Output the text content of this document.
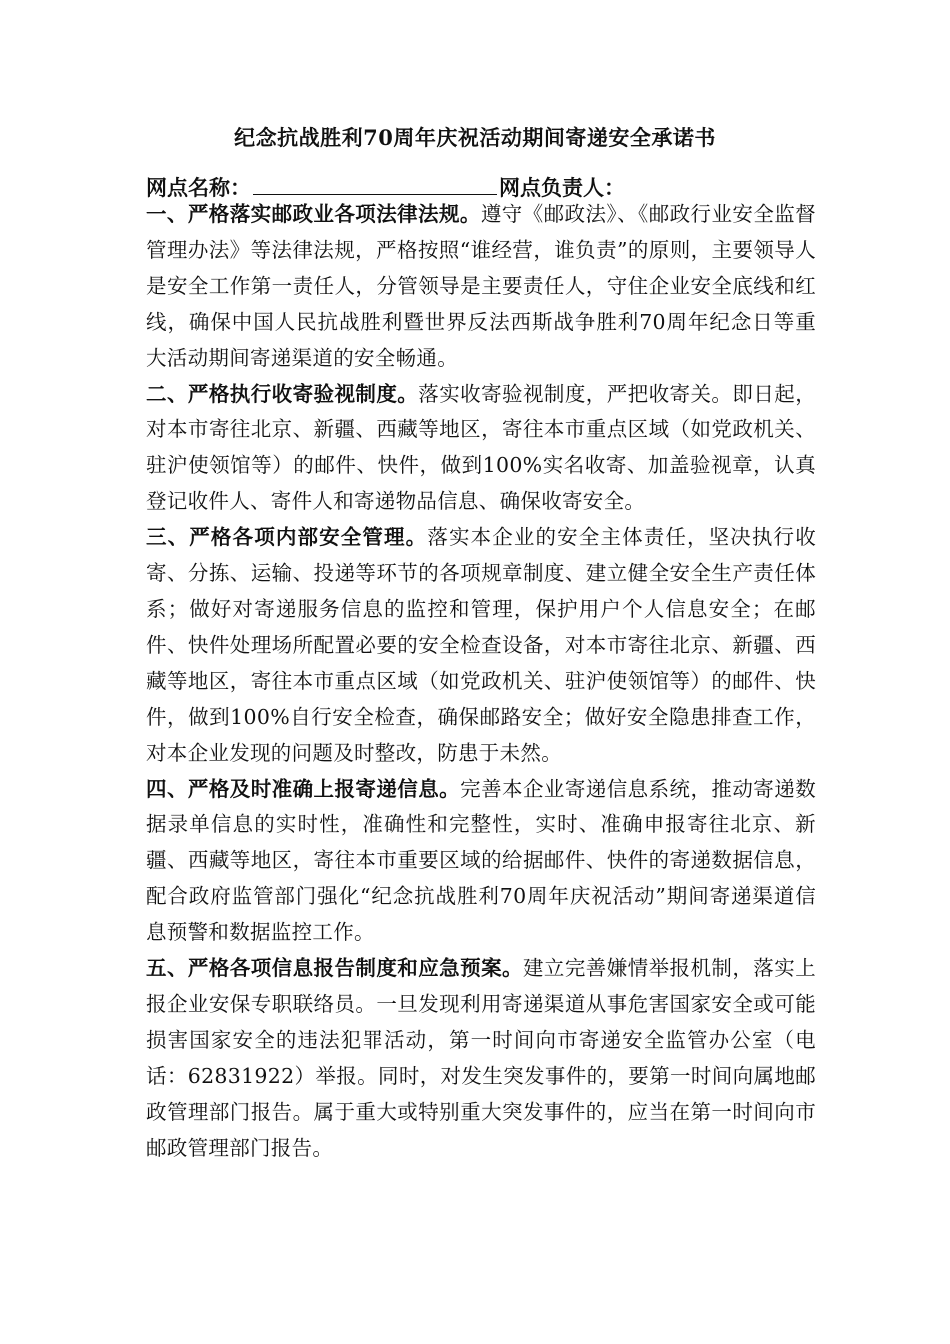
纪念抗战胜利70周年庆祝活动期间寄递安全承诺书
网点名称：	网点负责人：

一、严格落实邮政业各项法律法规。遵守《邮政法》、《邮政行业安全监督管理办法》等法律法规，严格按照“谁经营，谁负责”的原则，主要领导人是安全工作第一责任人，分管领导是主要责任人，守住企业安全底线和红线，确保中国人民抗战胜利暨世界反法西斯战争胜利70周年纪念日等重大活动期间寄递渠道的安全畅通。

二、严格执行收寄验视制度。落实收寄验视制度，严把收寄关。即日起，对本市寄往北京、新疆、西藏等地区，寄往本市重点区域（如党政机关、驻沪使领馆等）的邮件、快件，做到100%实名收寄、加盖验视章，认真登记收件人、寄件人和寄递物品信息、确保收寄安全。

三、严格各项内部安全管理。落实本企业的安全主体责任，坚决执行收寄、分拣、运输、投递等环节的各项规章制度、建立健全安全生产责任体系；做好对寄递服务信息的监控和管理，保护用户个人信息安全；在邮件、快件处理场所配置必要的安全检查设备，对本市寄往北京、新疆、西藏等地区，寄往本市重点区域（如党政机关、驻沪使领馆等）的邮件、快件，做到100%自行安全检查，确保邮路安全；做好安全隐患排查工作，对本企业发现的问题及时整改，防患于未然。

四、严格及时准确上报寄递信息。完善本企业寄递信息系统，推动寄递数据录单信息的实时性，准确性和完整性，实时、准确申报寄往北京、新疆、西藏等地区，寄往本市重要区域的给据邮件、快件的寄递数据信息，配合政府监管部门强化“纪念抗战胜利70周年庆祝活动”期间寄递渠道信息预警和数据监控工作。

五、严格各项信息报告制度和应急预案。建立完善嫌情举报机制，落实上报企业安保专职联络员。一旦发现利用寄递渠道从事危害国家安全或可能损害国家安全的违法犯罪活动，第一时间向市寄递安全监管办公室（电话：62831922）举报。同时，对发生突发事件的，要第一时间向属地邮政管理部门报告。属于重大或特别重大突发事件的，应当在第一时间向市邮政管理部门报告。
